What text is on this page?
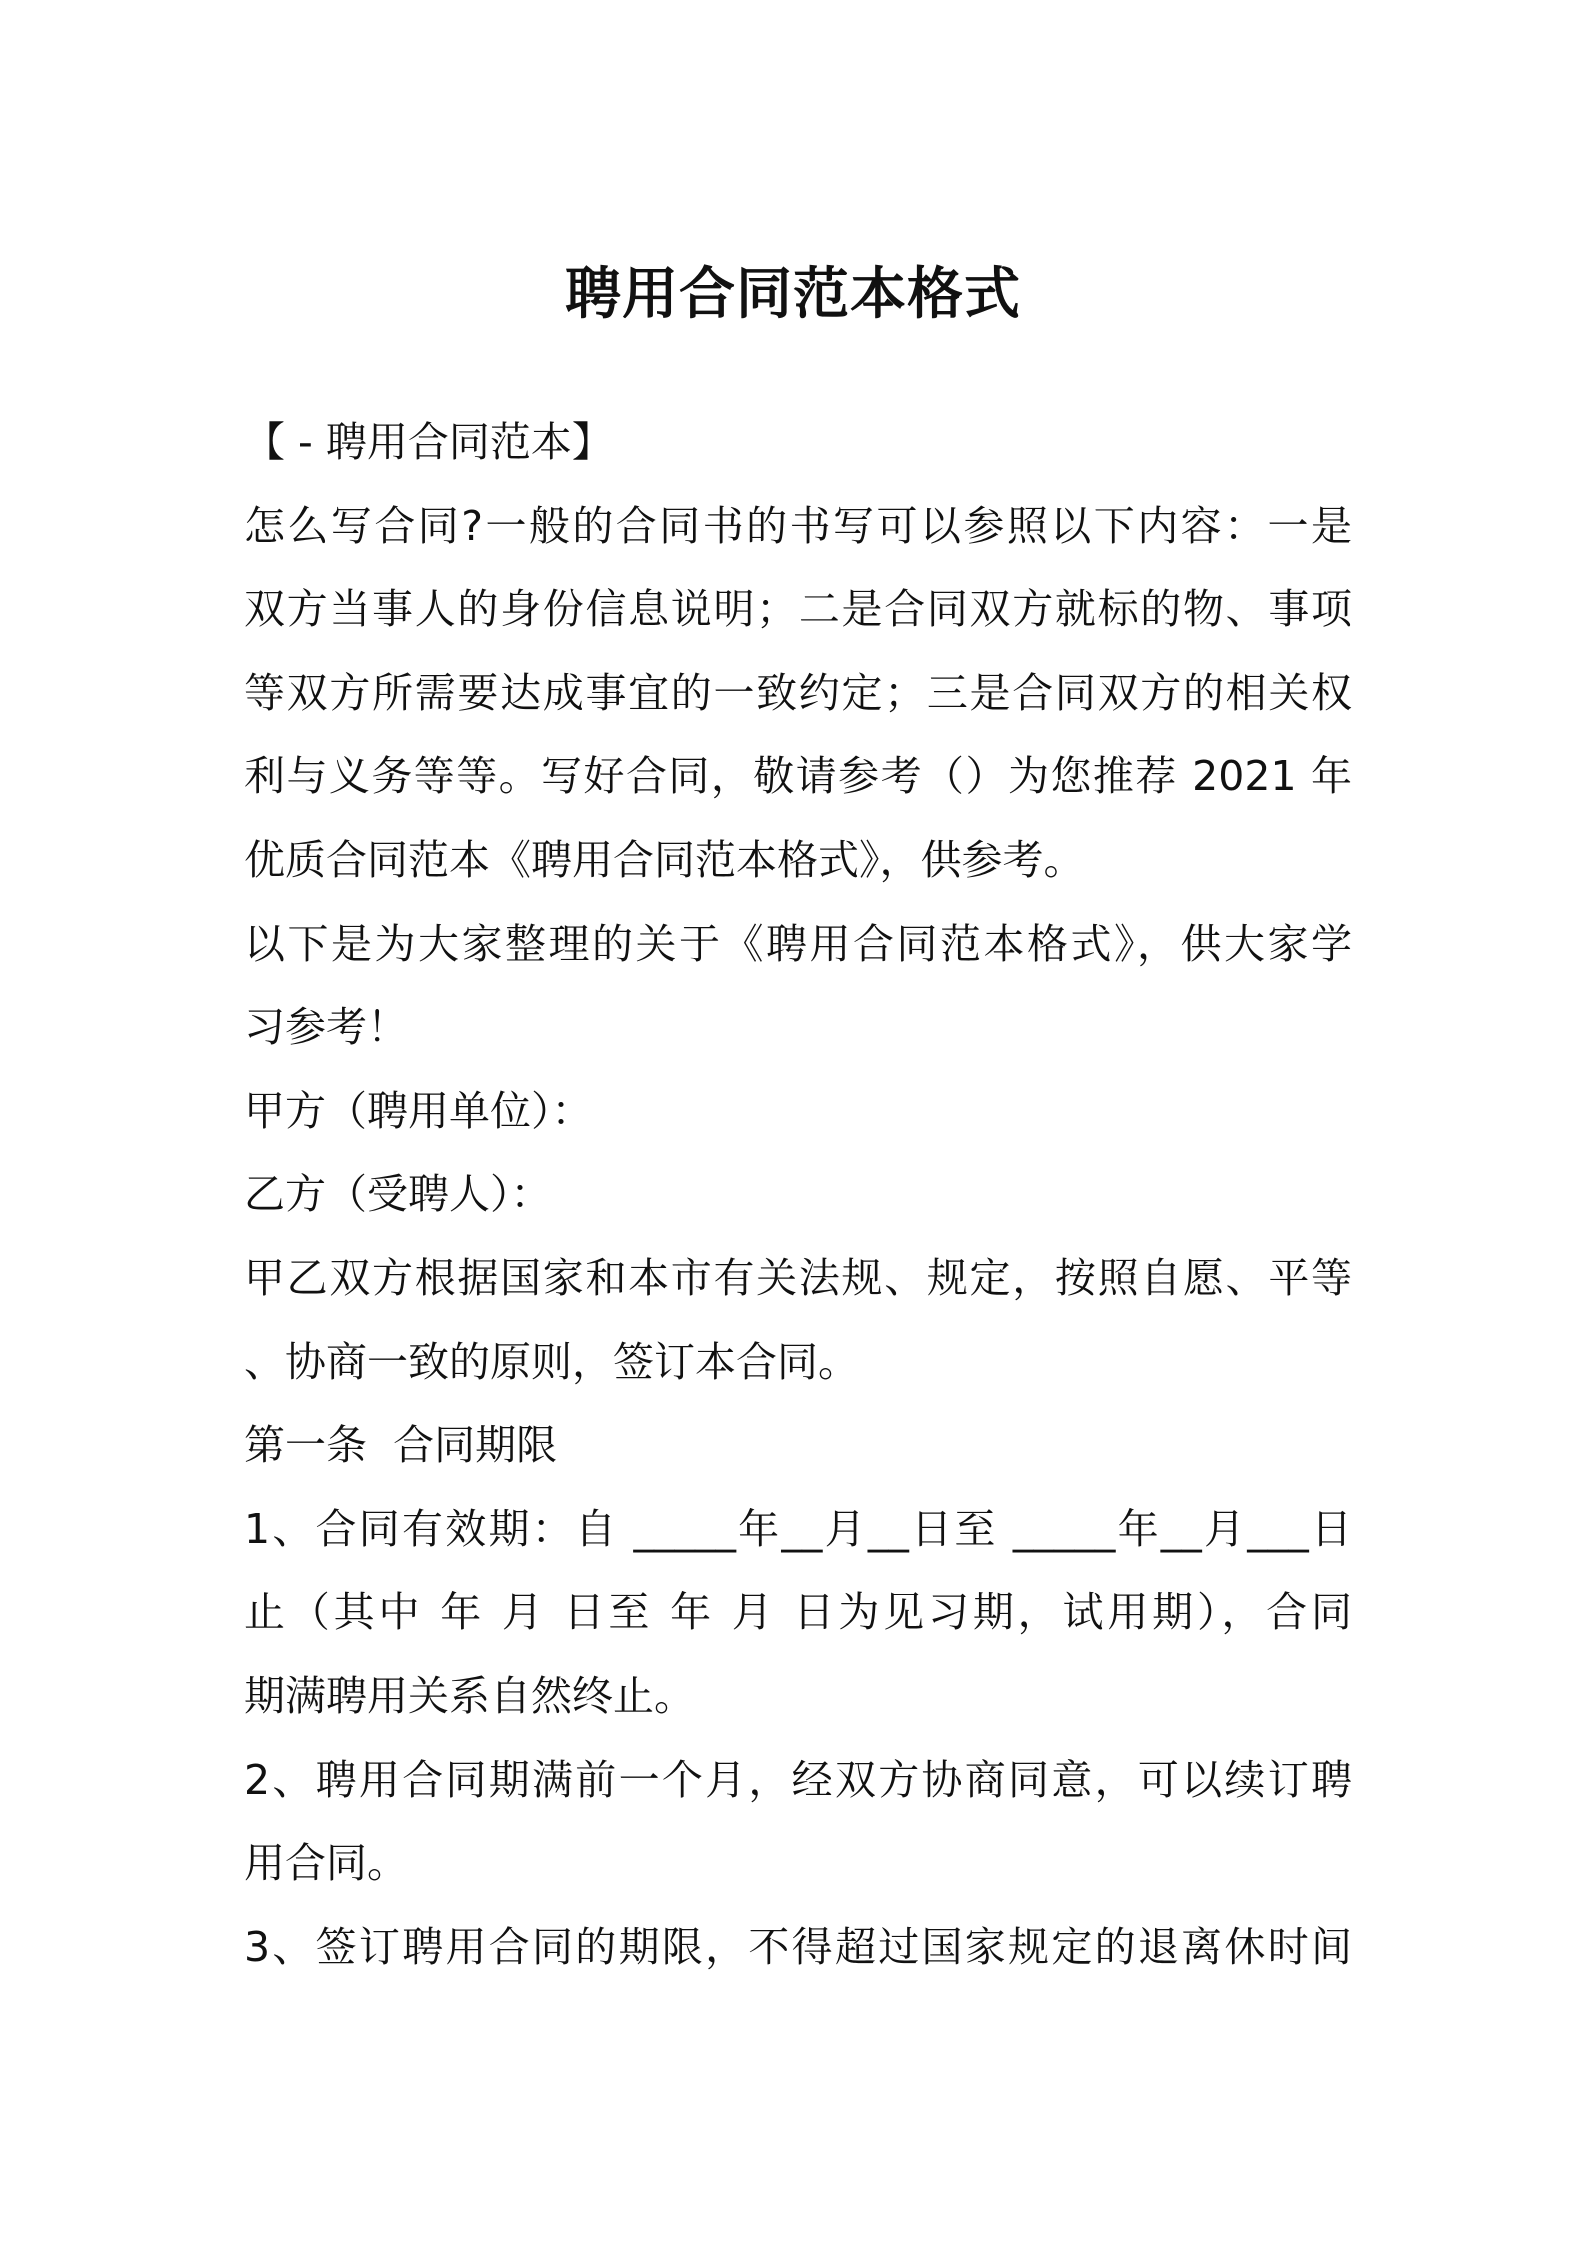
聘用合同范本格式
【 - 聘用合同范本】
怎么写合同?一般的合同书的书写可以参照以下内容：一是
双方当事人的身份信息说明；二是合同双方就标的物、事项
等双方所需要达成事宜的一致约定；三是合同双方的相关权
利与义务等等。写好合同，敬请参考（）为您推荐 2021 年
优质合同范本《聘用合同范本格式》，供参考。
以下是为大家整理的关于《聘用合同范本格式》，供大家学
习参考！
甲方（聘用单位）：
乙方（受聘人）：
甲乙双方根据国家和本市有关法规、规定，按照自愿、平等
、协商一致的原则，签订本合同。
第一条  合同期限
1、合同有效期：自 _____年__月__日至 _____年__月___日
止（其中 年 月 日至 年 月 日为见习期，试用期），合同
期满聘用关系自然终止。
2、聘用合同期满前一个月，经双方协商同意，可以续订聘
用合同。
3、签订聘用合同的期限，不得超过国家规定的退离休时间
